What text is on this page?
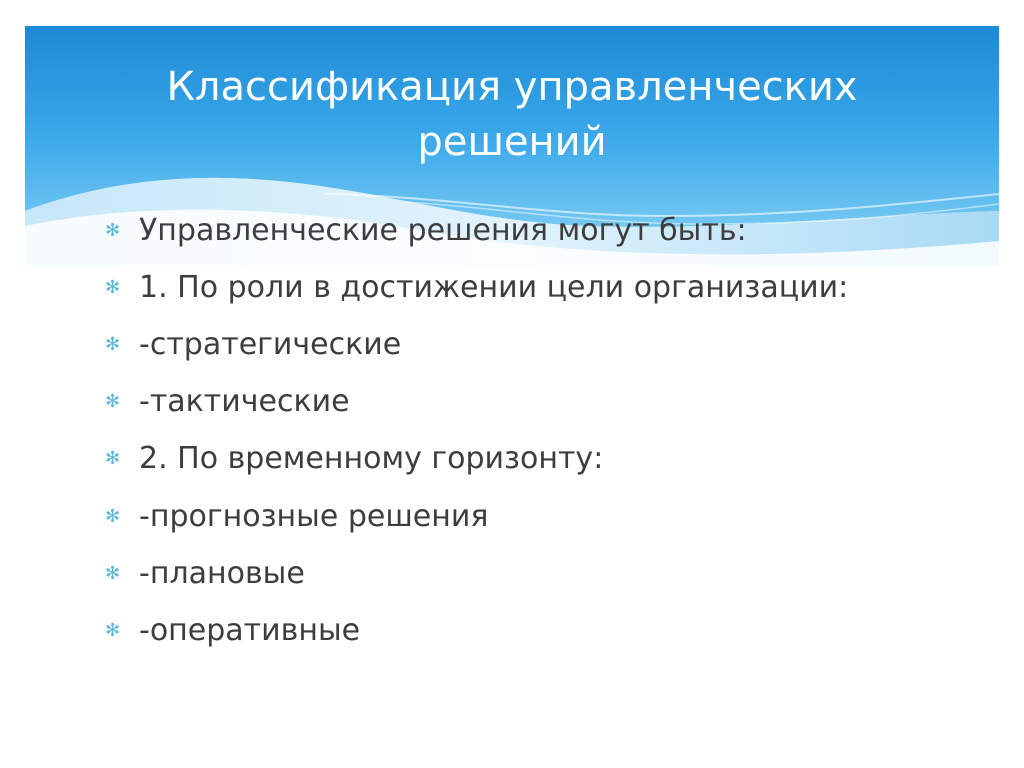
Классификация управленческих
решений
✻ Управленческие решения могут быть:
✻ 1. По роли в достижении цели организации:
✻ -стратегические
✻ -тактические
✻ 2. По временному горизонту:
✻ -прогнозные решения
✻ -плановые
✻ -оперативные
